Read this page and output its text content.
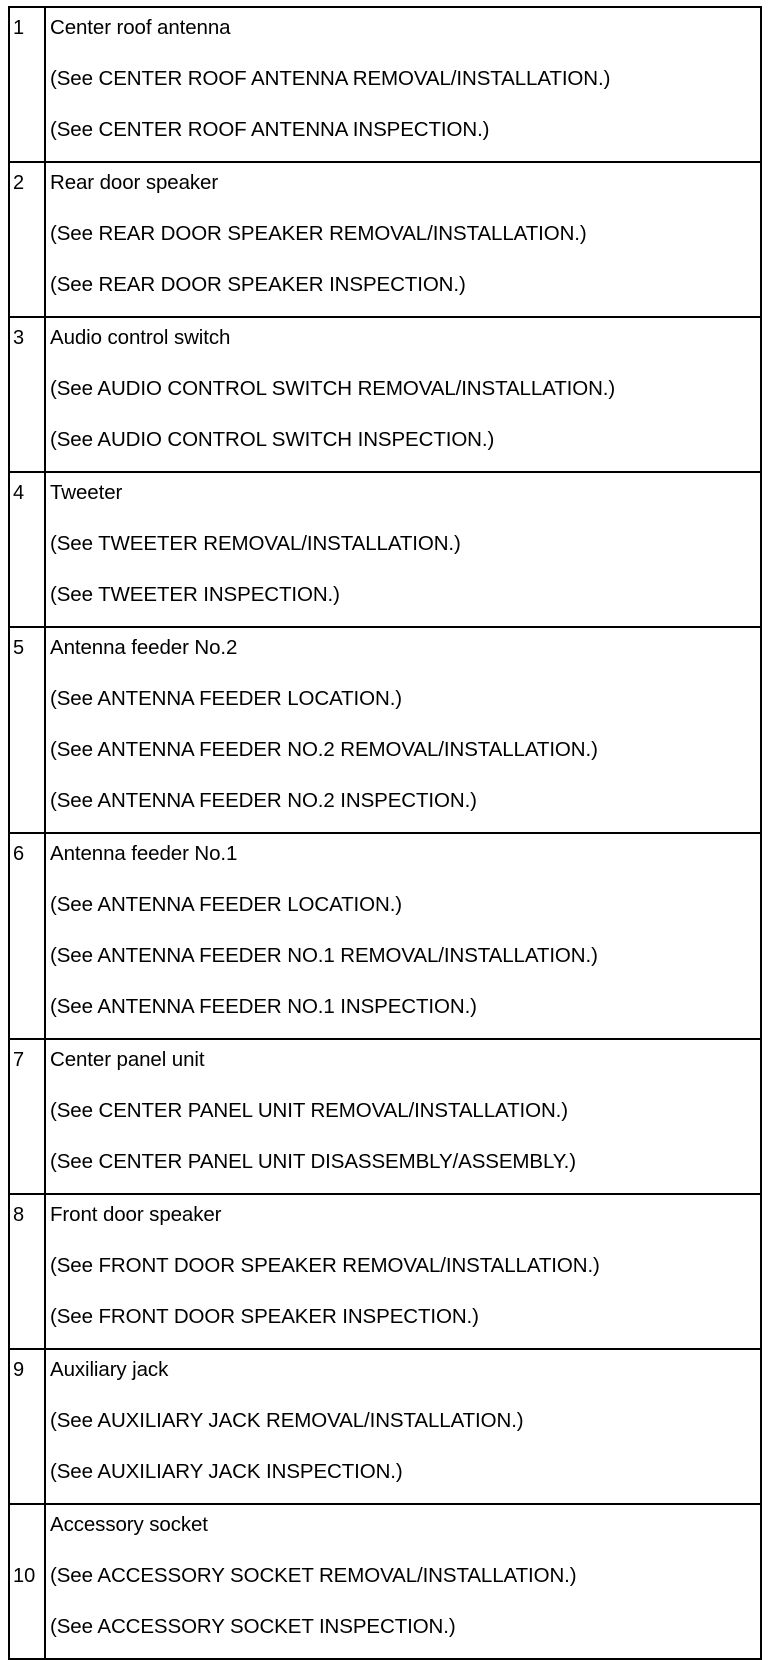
1	Center roof antenna
(See CENTER ROOF ANTENNA REMOVAL/INSTALLATION.)
(See CENTER ROOF ANTENNA INSPECTION.)

2	Rear door speaker
(See REAR DOOR SPEAKER REMOVAL/INSTALLATION.)
(See REAR DOOR SPEAKER INSPECTION.)

3	Audio control switch
(See AUDIO CONTROL SWITCH REMOVAL/INSTALLATION.)
(See AUDIO CONTROL SWITCH INSPECTION.)

4	Tweeter
(See TWEETER REMOVAL/INSTALLATION.)
(See TWEETER INSPECTION.)

5	Antenna feeder No.2
(See ANTENNA FEEDER LOCATION.)
(See ANTENNA FEEDER NO.2 REMOVAL/INSTALLATION.)
(See ANTENNA FEEDER NO.2 INSPECTION.)

6	Antenna feeder No.1
(See ANTENNA FEEDER LOCATION.)
(See ANTENNA FEEDER NO.1 REMOVAL/INSTALLATION.)
(See ANTENNA FEEDER NO.1 INSPECTION.)

7	Center panel unit
(See CENTER PANEL UNIT REMOVAL/INSTALLATION.)
(See CENTER PANEL UNIT DISASSEMBLY/ASSEMBLY.)

8	Front door speaker
(See FRONT DOOR SPEAKER REMOVAL/INSTALLATION.)
(See FRONT DOOR SPEAKER INSPECTION.)

9	Auxiliary jack
(See AUXILIARY JACK REMOVAL/INSTALLATION.)
(See AUXILIARY JACK INSPECTION.)

10	Accessory socket
(See ACCESSORY SOCKET REMOVAL/INSTALLATION.)
(See ACCESSORY SOCKET INSPECTION.)
